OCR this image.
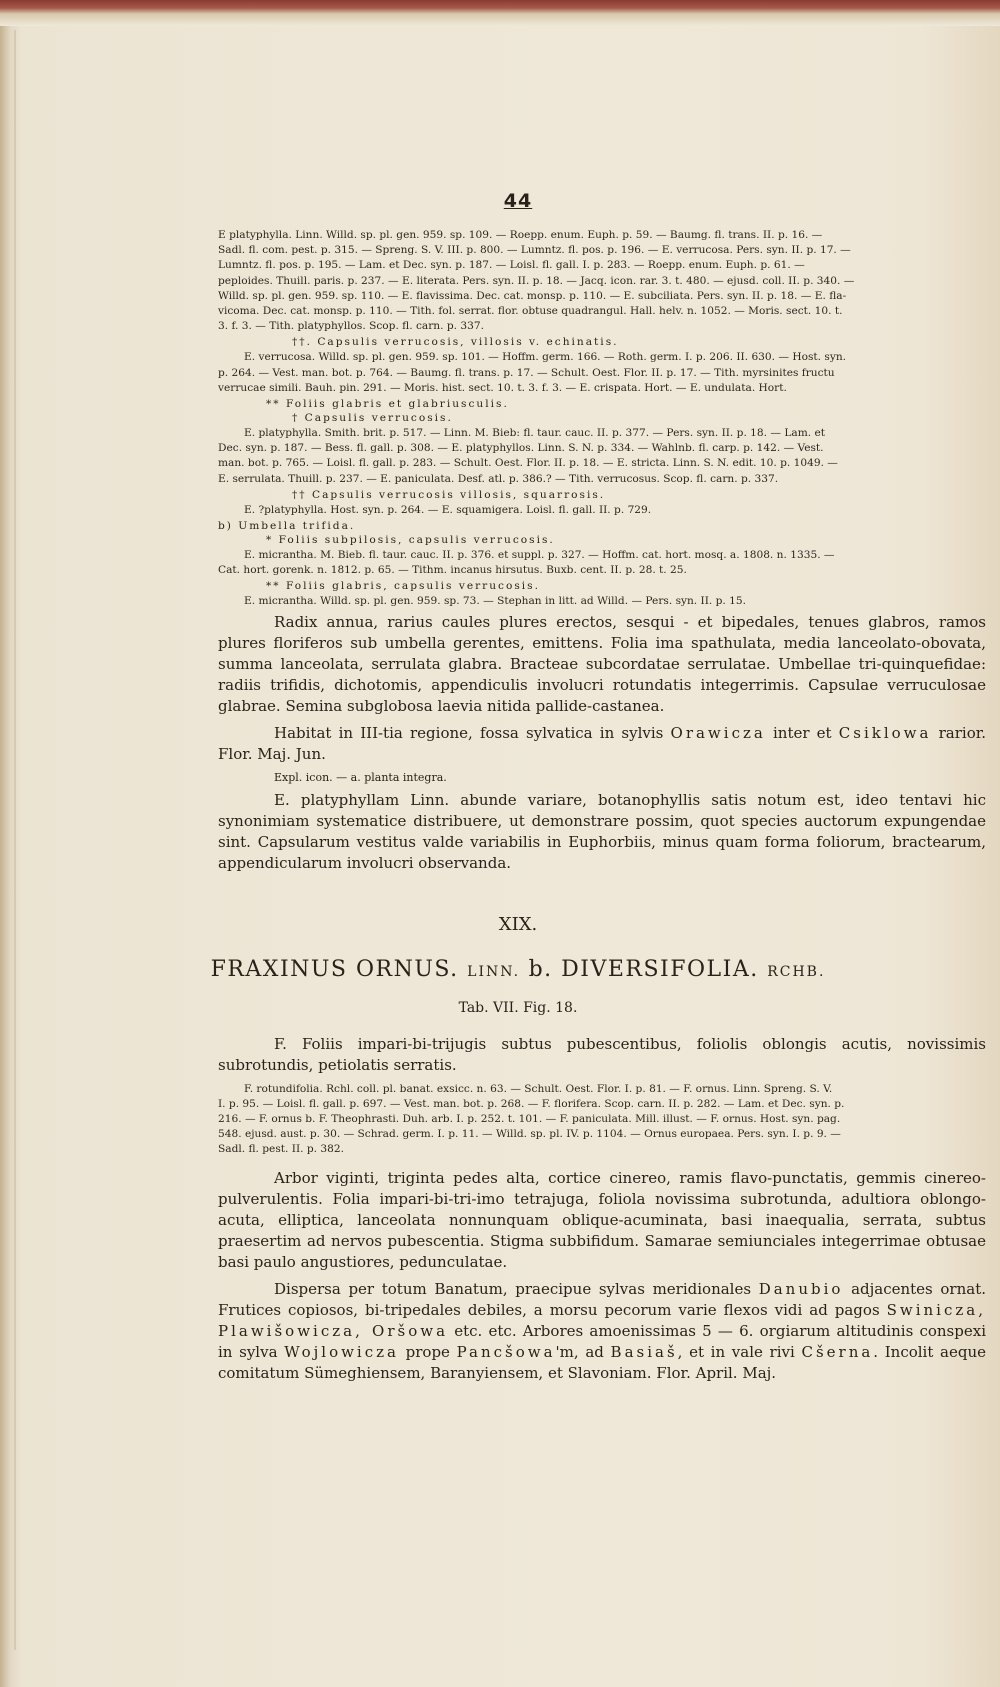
44
E platyphylla. Linn. Willd. sp. pl. gen. 959. sp. 109. — Roepp. enum. Euph. p. 59. — Baumg. fl. trans. II. p. 16. —
Sadl. fl. com. pest. p. 315. — Spreng. S. V. III. p. 800. — Lumntz. fl. pos. p. 196. — E. verrucosa. Pers. syn. II. p. 17. —
Lumntz. fl. pos. p. 195. — Lam. et Dec. syn. p. 187. — Loisl. fl. gall. I. p. 283. — Roepp. enum. Euph. p. 61. —
peploides. Thuill. paris. p. 237. — E. literata. Pers. syn. II. p. 18. — Jacq. icon. rar. 3. t. 480. — ejusd. coll. II. p. 340. —
Willd. sp. pl. gen. 959. sp. 110. — E. flavissima. Dec. cat. monsp. p. 110. — E. subciliata. Pers. syn. II. p. 18. — E. fla-
vicoma. Dec. cat. monsp. p. 110. — Tith. fol. serrat. flor. obtuse quadrangul. Hall. helv. n. 1052. — Moris. sect. 10. t.
3. f. 3. — Tith. platyphyllos. Scop. fl. carn. p. 337.
††. Capsulis verrucosis, villosis v. echinatis.
E. verrucosa. Willd. sp. pl. gen. 959. sp. 101. — Hoffm. germ. 166. — Roth. germ. I. p. 206. II. 630. — Host. syn.
p. 264. — Vest. man. bot. p. 764. — Baumg. fl. trans. p. 17. — Schult. Oest. Flor. II. p. 17. — Tith. myrsinites fructu
verrucae simili. Bauh. pin. 291. — Moris. hist. sect. 10. t. 3. f. 3. — E. crispata. Hort. — E. undulata. Hort.
** Foliis glabris et glabriusculis.
† Capsulis verrucosis.
E. platyphylla. Smith. brit. p. 517. — Linn. M. Bieb: fl. taur. cauc. II. p. 377. — Pers. syn. II. p. 18. — Lam. et
Dec. syn. p. 187. — Bess. fl. gall. p. 308. — E. platyphyllos. Linn. S. N. p. 334. — Wahlnb. fl. carp. p. 142. — Vest.
man. bot. p. 765. — Loisl. fl. gall. p. 283. — Schult. Oest. Flor. II. p. 18. — E. stricta. Linn. S. N. edit. 10. p. 1049. —
E. serrulata. Thuill. p. 237. — E. paniculata. Desf. atl. p. 386.? — Tith. verrucosus. Scop. fl. carn. p. 337.
†† Capsulis verrucosis villosis, squarrosis.
E. ?platyphylla. Host. syn. p. 264. — E. squamigera. Loisl. fl. gall. II. p. 729.
b) Umbella trifida.
* Foliis subpilosis, capsulis verrucosis.
E. micrantha. M. Bieb. fl. taur. cauc. II. p. 376. et suppl. p. 327. — Hoffm. cat. hort. mosq. a. 1808. n. 1335. —
Cat. hort. gorenk. n. 1812. p. 65. — Tithm. incanus hirsutus. Buxb. cent. II. p. 28. t. 25.
** Foliis glabris, capsulis verrucosis.
E. micrantha. Willd. sp. pl. gen. 959. sp. 73. — Stephan in litt. ad Willd. — Pers. syn. II. p. 15.

Radix annua, rarius caules plures erectos, sesqui - et bipedales, tenues glabros, ramos plures floriferos sub umbella gerentes, emittens. Folia ima spathulata, media lanceolato-obovata, summa lanceolata, serrulata glabra. Bracteae subcordatae serrulatae. Umbellae tri-quinquefidae: radiis trifidis, dichotomis, appendiculis involucri rotundatis integerrimis. Capsulae verruculosae glabrae. Semina subglobosa laevia nitida pallide-castanea.

Habitat in III-tia regione, fossa sylvatica in sylvis Orawicza inter et Csiklowa rarior. Flor. Maj. Jun.

Expl. icon. — a. planta integra.

E. platyphyllam Linn. abunde variare, botanophyllis satis notum est, ideo tentavi hic synonimiam systematice distribuere, ut demonstrare possim, quot species auctorum expungendae sint. Capsularum vestitus valde variabilis in Euphorbiis, minus quam forma foliorum, bractearum, appendicularum involucri observanda.

XIX.
FRAXINUS ORNUS. LINN. b. DIVERSIFOLIA. RCHB.
Tab. VII. Fig. 18.

F. Foliis impari-bi-trijugis subtus pubescentibus, foliolis oblongis acutis, novissimis subrotundis, petiolatis serratis.

F. rotundifolia. Rchl. coll. pl. banat. exsicc. n. 63. — Schult. Oest. Flor. I. p. 81. — F. ornus. Linn. Spreng. S. V.
I. p. 95. — Loisl. fl. gall. p. 697. — Vest. man. bot. p. 268. — F. florifera. Scop. carn. II. p. 282. — Lam. et Dec. syn. p.
216. — F. ornus b. F. Theophrasti. Duh. arb. I. p. 252. t. 101. — F. paniculata. Mill. illust. — F. ornus. Host. syn. pag.
548. ejusd. aust. p. 30. — Schrad. germ. I. p. 11. — Willd. sp. pl. IV. p. 1104. — Ornus europaea. Pers. syn. I. p. 9. —
Sadl. fl. pest. II. p. 382.

Arbor viginti, triginta pedes alta, cortice cinereo, ramis flavo-punctatis, gemmis cinereo-pulverulentis. Folia impari-bi-tri-imo tetrajuga, foliola novissima subrotunda, adultiora oblongo-acuta, elliptica, lanceolata nonnunquam oblique-acuminata, basi inaequalia, serrata, subtus praesertim ad nervos pubescentia. Stigma subbifidum. Samarae semiunciales integerrimae obtusae basi paulo angustiores, pedunculatae.

Dispersa per totum Banatum, praecipue sylvas meridionales Danubio adjacentes ornat. Frutices copiosos, bi-tripedales debiles, a morsu pecorum varie flexos vidi ad pagos Swinicza, Plawišowicza, Oršowa etc. etc. Arbores amoenissimas 5 — 6. orgiarum altitudinis conspexi in sylva Wojlowicza prope Pancšowa'm, ad Basiaš, et in vale rivi Cšerna. Incolit aeque comitatum Sümeghiensem, Baranyiensem, et Slavoniam. Flor. April. Maj.
